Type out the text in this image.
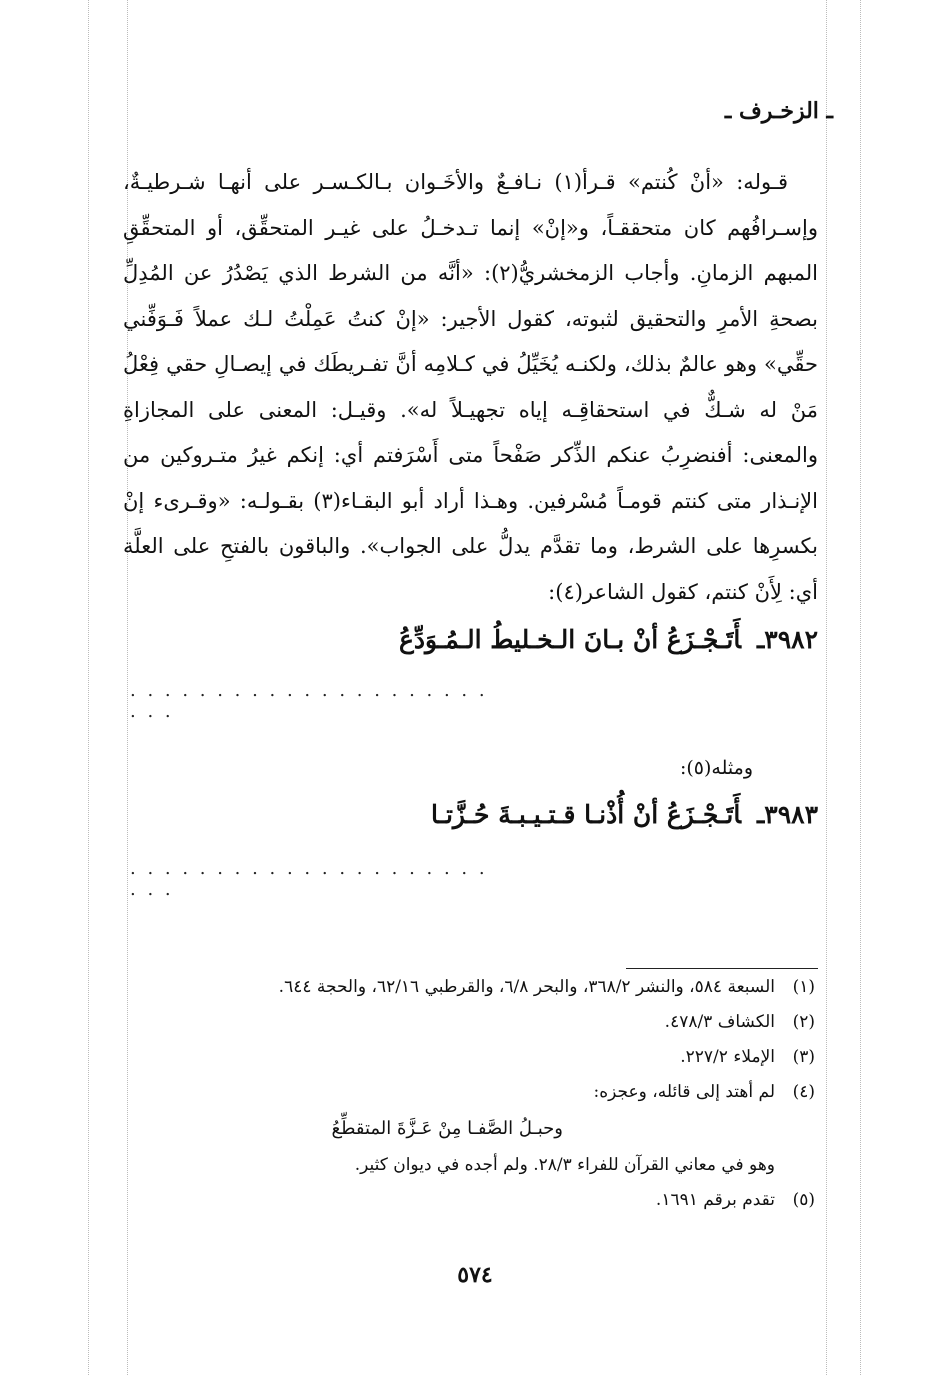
ـ الزخـرف ـ

قـوله: «أنْ كُنتم» قـرأ(١) نـافـعٌ والأخَـوان بـالكـسـر على أنهـا شـرطيـةٌ، وإسـرافُهم كان متحققـاً، و«إنْ» إنما تـدخـلُ على غيـر المتحقِّق، أو المتحقِّقِ المبهم الزمانِ. وأجاب الزمخشريُّ(٢): «أنَّه من الشرط الذي يَصْدُرُ عن المُدِلِّ بصحةِ الأمرِ والتحقيق لثبوته، كقول الأجير: «إنْ كنتُ عَمِلْتُ لـك عملاً فَـوَفِّني حقِّي» وهو عالمٌ بذلك، ولكنـه يُخَيِّلُ في كـلامِه أنَّ تفـريطَك في إيصـالِ حقي فِعْلُ مَنْ له شـكٌّ في استحقاقِـه إياه تجهيـلاً له». وقيـل: المعنى على المجازاةِ والمعنى: أفنضرِبُ عنكم الذِّكر صَفْحاً متى أَسْرَفتم أي: إنكم غيرُ متـروكين من الإنـذار متى كنتم قومـاً مُسْرفين. وهـذا أراد أبو البقـاء(٣) بقـولـه: «وقـرىء إنْ بكسرِها على الشرط، وما تقدَّم يدلُّ على الجواب». والباقون بالفتحِ على العلَّة أي: لِأَنْ كنتم، كقول الشاعر(٤):

٣٩٨٢ـأَتَـجْـزَعُ أنْ بـانَ الـخـليطُ الـمُـوَدِّعُ
. . . . . . . . . . . . . . . . . . . . . . . .
ومثله(٥):
٣٩٨٣ـأَتَـجْـزَعُ أنْ أُذْنـا قـتـيـبـةَ حُـزَّتـا
. . . . . . . . . . . . . . . . . . . . . . . .
(١)السبعة ٥٨٤، والنشر ٣٦٨/٢، والبحر ٦/٨، والقرطبي ٦٢/١٦، والحجة ٦٤٤.
(٢)الكشاف ٤٧٨/٣.
(٣)الإملاء ٢٢٧/٢.
(٤)لم أهتد إلى قائله، وعجزه:
وحبـلُ الصَّفـا مِنْ عَـزَّةَ المتقطِّعُ
وهو في معاني القرآن للفراء ٢٨/٣. ولم أجده في ديوان كثير.
(٥)تقدم برقم ١٦٩١.
٥٧٤
